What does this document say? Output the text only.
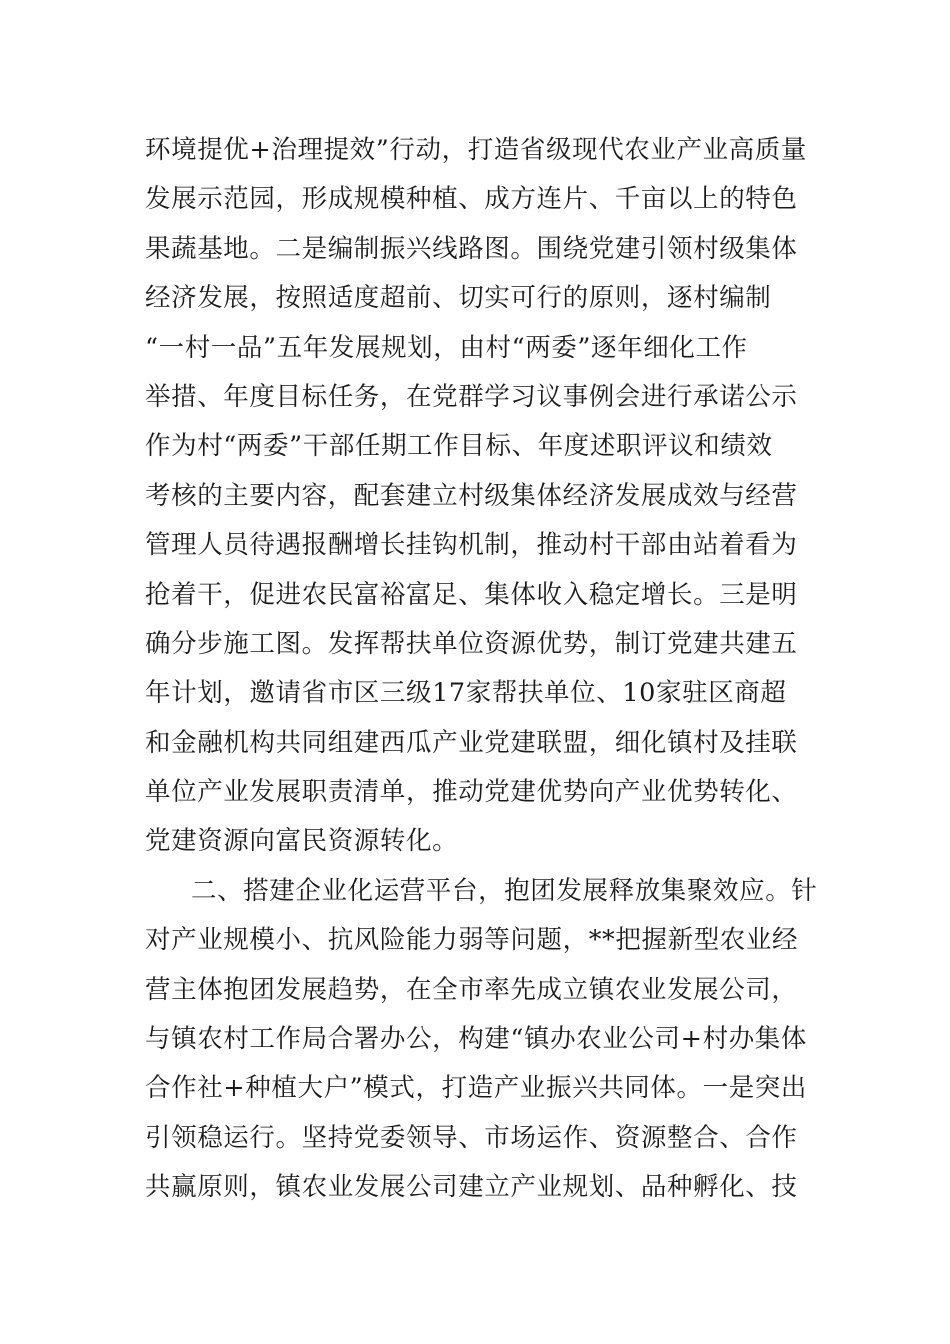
环境提优+治理提效”行动，打造省级现代农业产业高质量
发展示范园，形成规模种植、成方连片、千亩以上的特色
果蔬基地。二是编制振兴线路图。围绕党建引领村级集体
经济发展，按照适度超前、切实可行的原则，逐村编制
“一村一品”五年发展规划，由村“两委”逐年细化工作
举措、年度目标任务，在党群学习议事例会进行承诺公示
作为村“两委”干部任期工作目标、年度述职评议和绩效
考核的主要内容，配套建立村级集体经济发展成效与经营
管理人员待遇报酬增长挂钩机制，推动村干部由站着看为
抢着干，促进农民富裕富足、集体收入稳定增长。三是明
确分步施工图。发挥帮扶单位资源优势，制订党建共建五
年计划，邀请省市区三级17家帮扶单位、10家驻区商超
和金融机构共同组建西瓜产业党建联盟，细化镇村及挂联
单位产业发展职责清单，推动党建优势向产业优势转化、
党建资源向富民资源转化。
二、搭建企业化运营平台，抱团发展释放集聚效应。针
对产业规模小、抗风险能力弱等问题，**把握新型农业经
营主体抱团发展趋势，在全市率先成立镇农业发展公司，
与镇农村工作局合署办公，构建“镇办农业公司+村办集体
合作社+种植大户”模式，打造产业振兴共同体。一是突出
引领稳运行。坚持党委领导、市场运作、资源整合、合作
共赢原则，镇农业发展公司建立产业规划、品种孵化、技
